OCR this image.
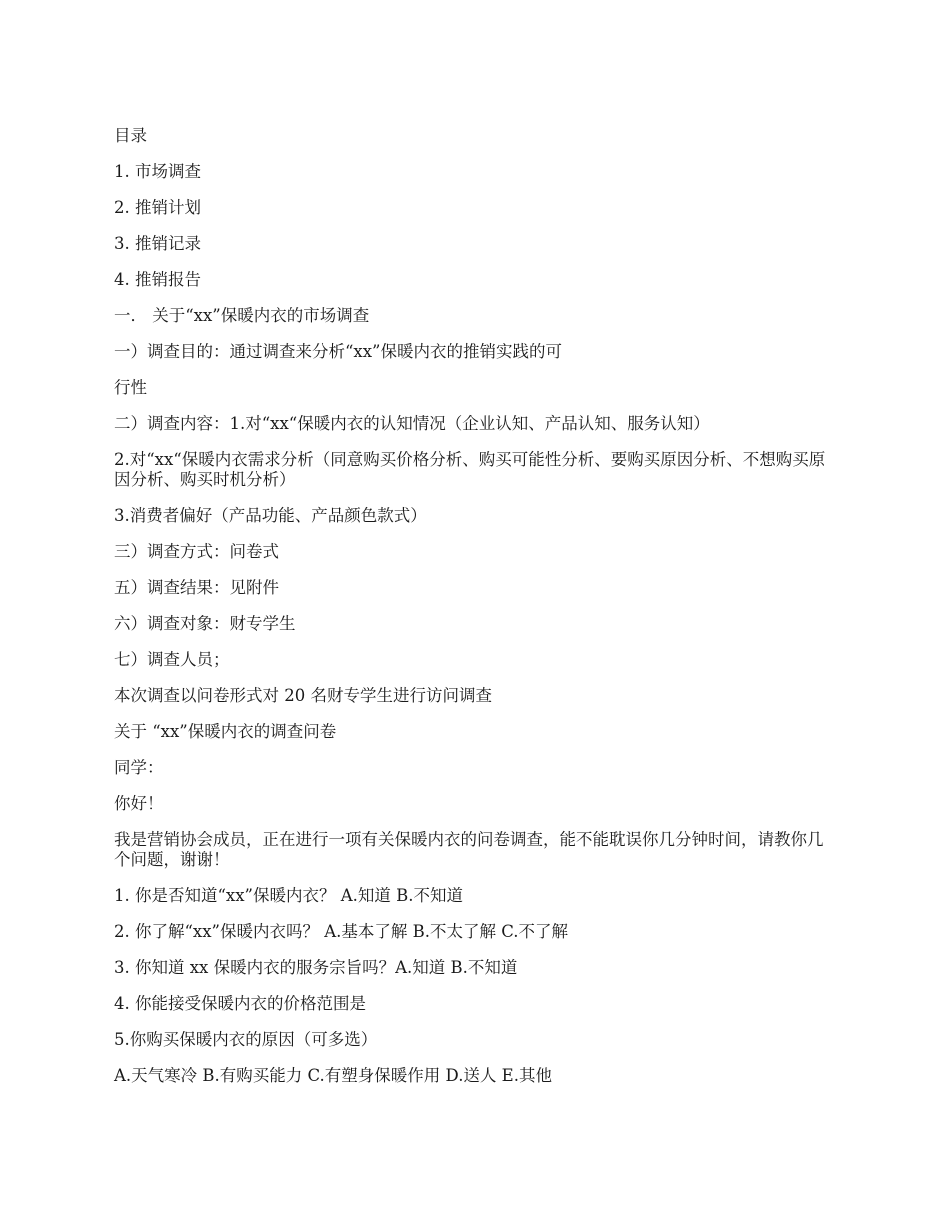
目录

1. 市场调查

2. 推销计划

3. 推销记录

4. 推销报告

一． 关于“xx”保暖内衣的市场调查

一）调查目的：通过调查来分析“xx”保暖内衣的推销实践的可

行性

二）调查内容：1.对“xx“保暖内衣的认知情况（企业认知、产品认知、服务认知）

2.对“xx“保暖内衣需求分析（同意购买价格分析、购买可能性分析、要购买原因分析、不想购买原因分析、购买时机分析）

3.消费者偏好（产品功能、产品颜色款式）

三）调查方式：问卷式

五）调查结果：见附件

六）调查对象：财专学生

七）调查人员；

本次调查以问卷形式对 20 名财专学生进行访问调查

关于 “xx”保暖内衣的调查问卷

同学：

你好！

我是营销协会成员，正在进行一项有关保暖内衣的问卷调查，能不能耽误你几分钟时间，请教你几个问题，谢谢！

1. 你是否知道“xx”保暖内衣？ A.知道 B.不知道

2. 你了解“xx”保暖内衣吗？ A.基本了解 B.不太了解 C.不了解

3. 你知道 xx 保暖内衣的服务宗旨吗？A.知道 B.不知道

4. 你能接受保暖内衣的价格范围是

5.你购买保暖内衣的原因（可多选）

A.天气寒冷 B.有购买能力 C.有塑身保暖作用 D.送人 E.其他
